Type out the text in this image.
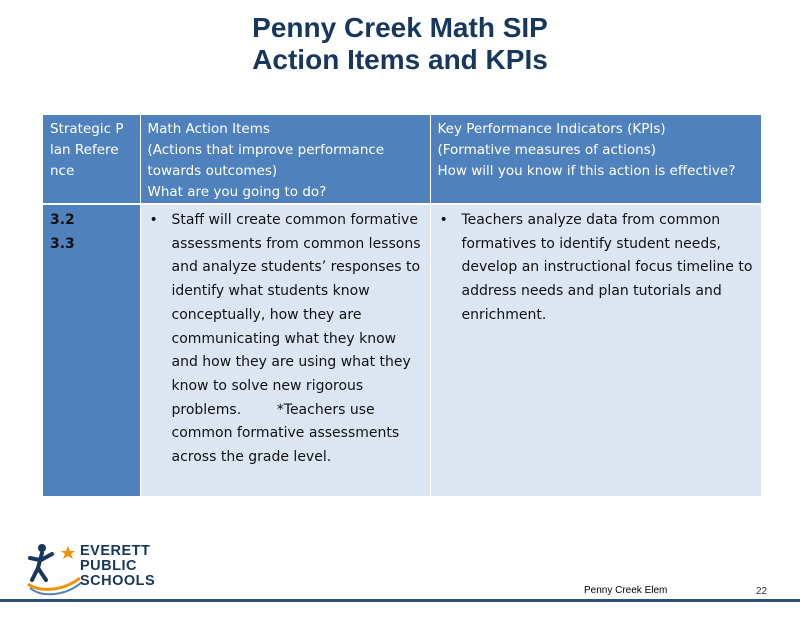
Penny Creek Math SIP
Action Items and KPIs
Strategic P
lan Refere
nce	Math Action Items
(Actions that improve performance towards outcomes)
What are you going to do?	Key Performance Indicators (KPIs)
(Formative measures of actions)
How will you know if this action is effective?
3.2
3.3	• Staff will create common formative assessments from common lessons and analyze students’ responses to identify what students know conceptually, how they are communicating what they know and how they are using what they know to solve new rigorous problems.        *Teachers use common formative assessments across the grade level.	• Teachers analyze data from common formatives to identify student needs, develop an instructional focus timeline to address needs and plan tutorials and  enrichment.
EVERETT
PUBLIC
SCHOOLS
Penny Creek Elem	22
